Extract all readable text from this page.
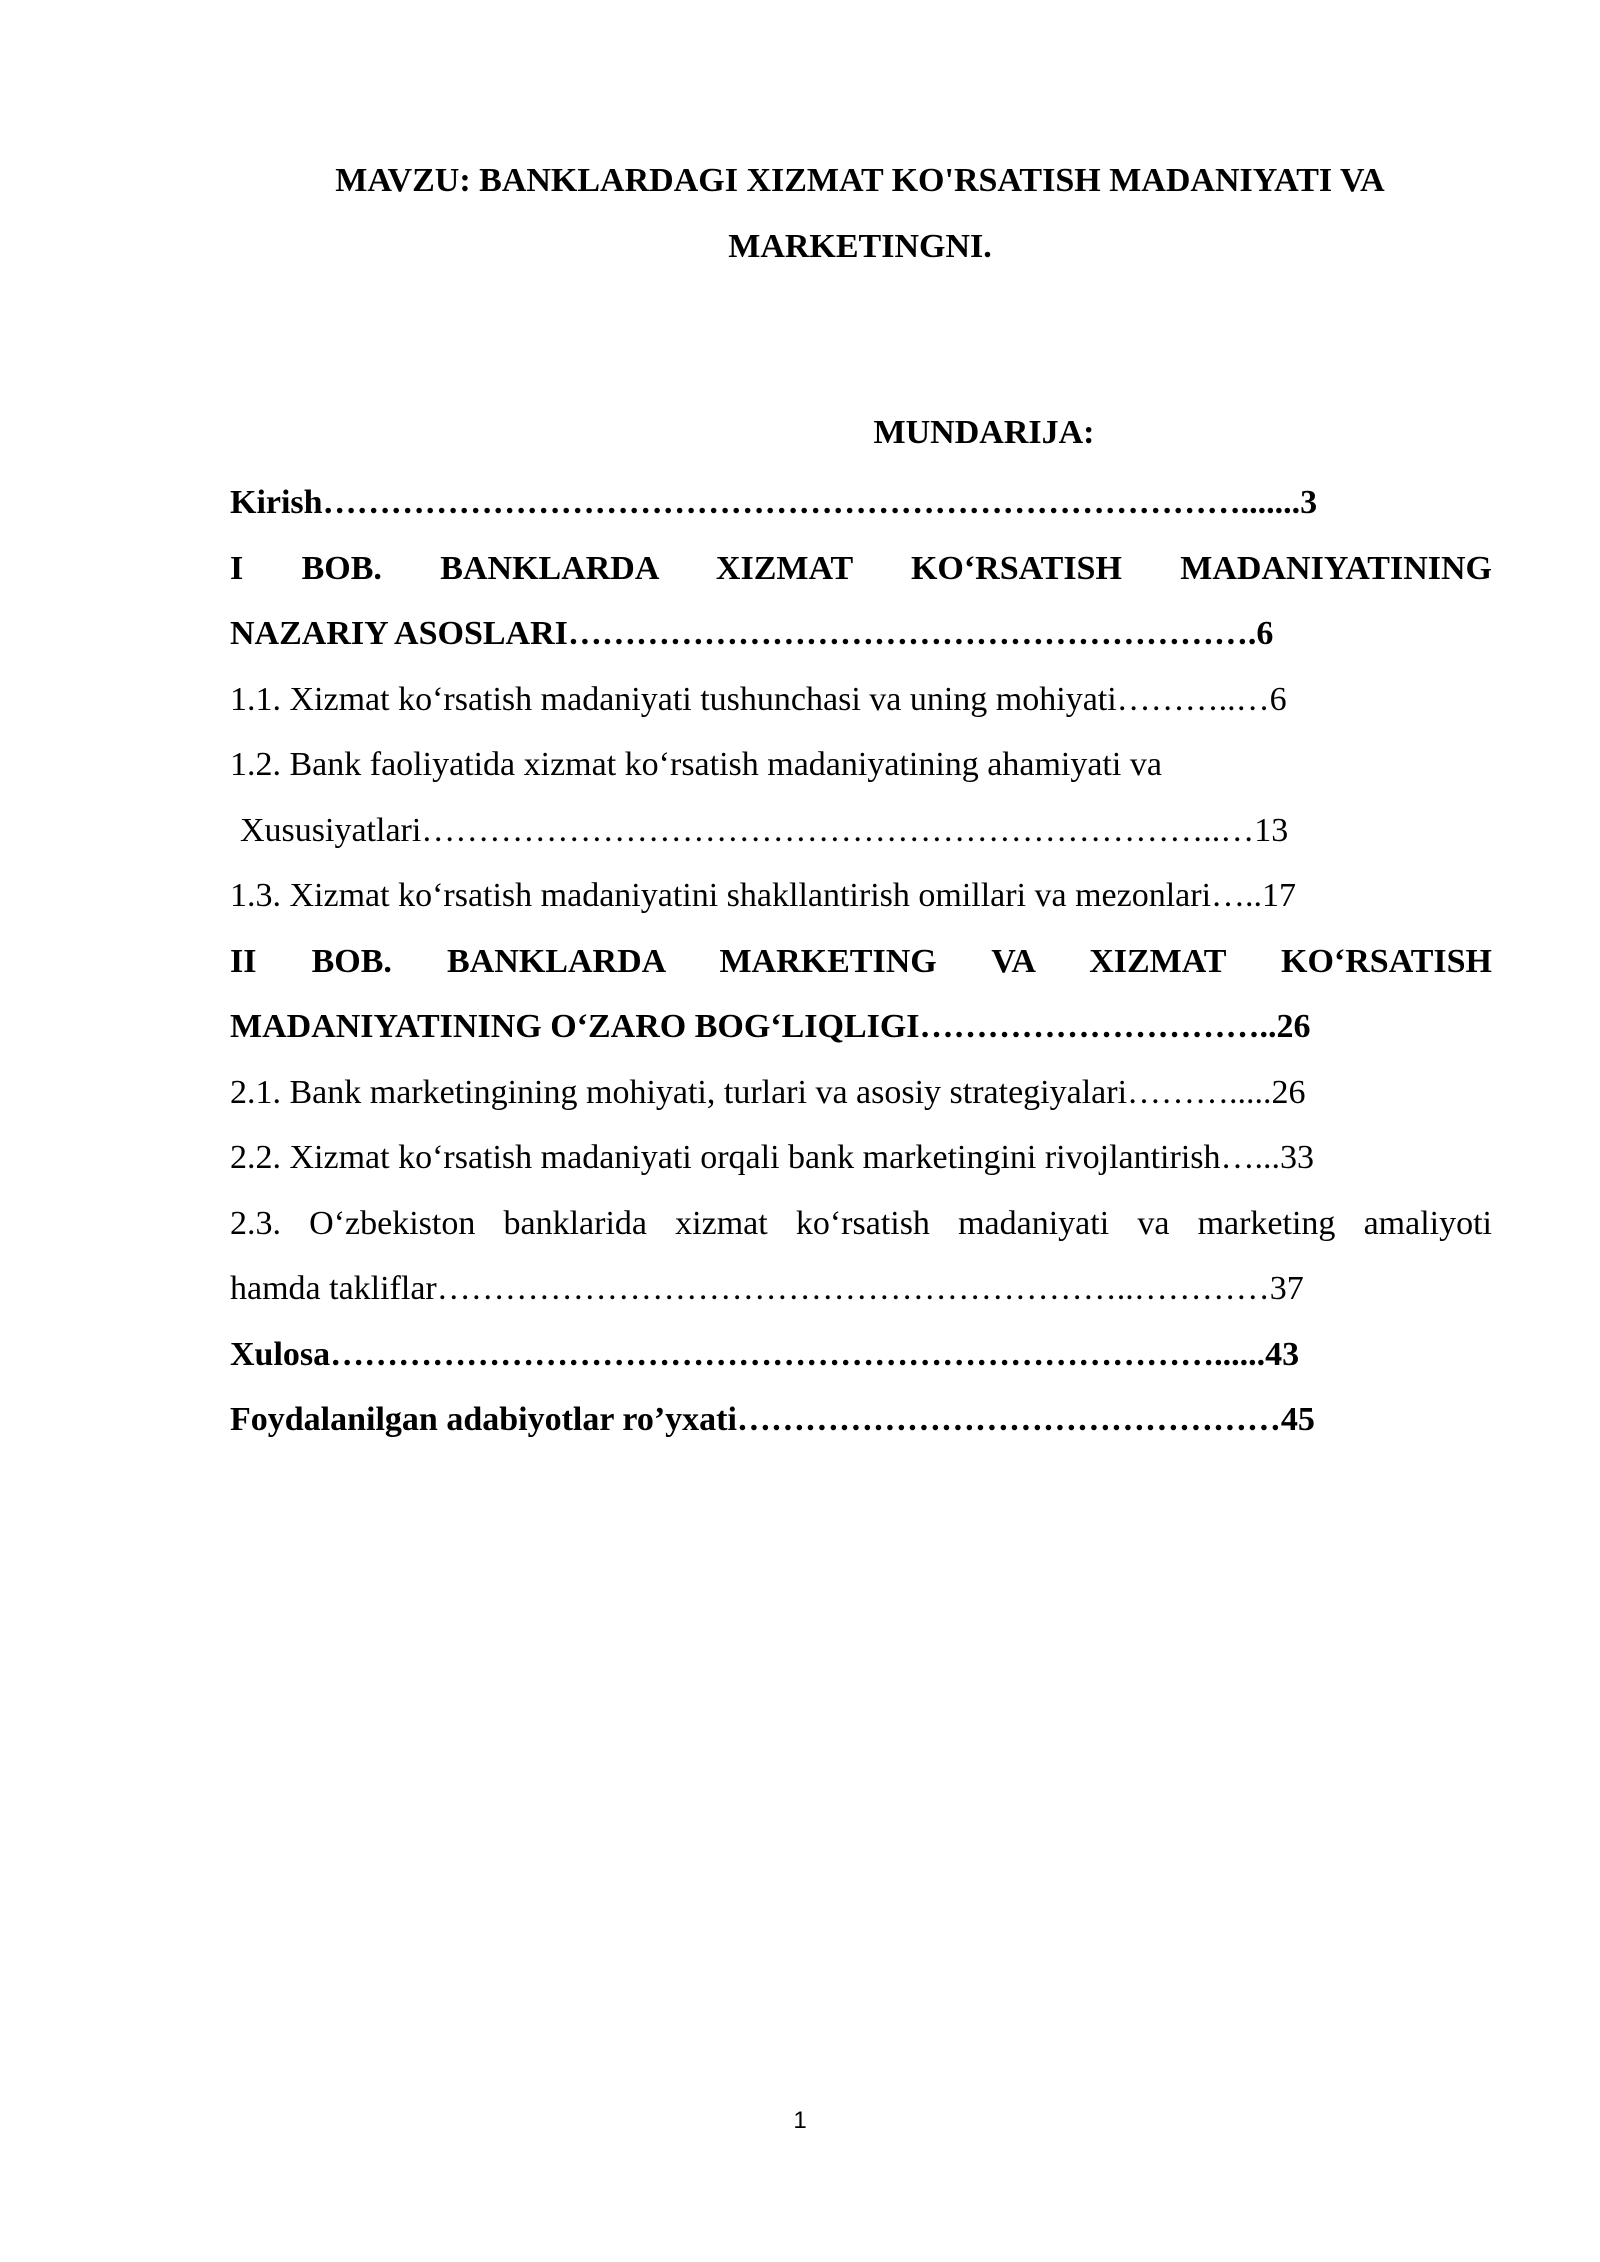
MAVZU: BANKLARDAGI XIZMAT KO'RSATISH MADANIYATI VA
MARKETINGNI.
MUNDARIJA:
Kirish……………………………………………………………………….......3
I BOB. BANKLARDA XIZMAT KO‘RSATISH MADANIYATINING
NAZARIY ASOSLARI…………………………………………………….6
1.1. Xizmat ko‘rsatish madaniyati tushunchasi va uning mohiyati………..…6
1.2. Bank faoliyatida xizmat ko‘rsatish madaniyatining ahamiyati va
Xususiyatlari……………………………………………………………..…13
1.3. Xizmat ko‘rsatish madaniyatini shakllantirish omillari va mezonlari…..17
II BOB. BANKLARDA MARKETING VA XIZMAT KO‘RSATISH
MADANIYATINING O‘ZARO BOG‘LIQLIGI…………………………..26
2.1. Bank marketingining mohiyati, turlari va asosiy strategiyalari……….....26
2.2. Xizmat ko‘rsatish madaniyati orqali bank marketingini rivojlantirish…...33
2.3. O‘zbekiston banklarida xizmat ko‘rsatish madaniyati va marketing amaliyoti
hamda takliflar……………………………………………………..…………37
Xulosa……………………………………………………………………......43
Foydalanilgan adabiyotlar ro’yxati…………………………………………45
1
